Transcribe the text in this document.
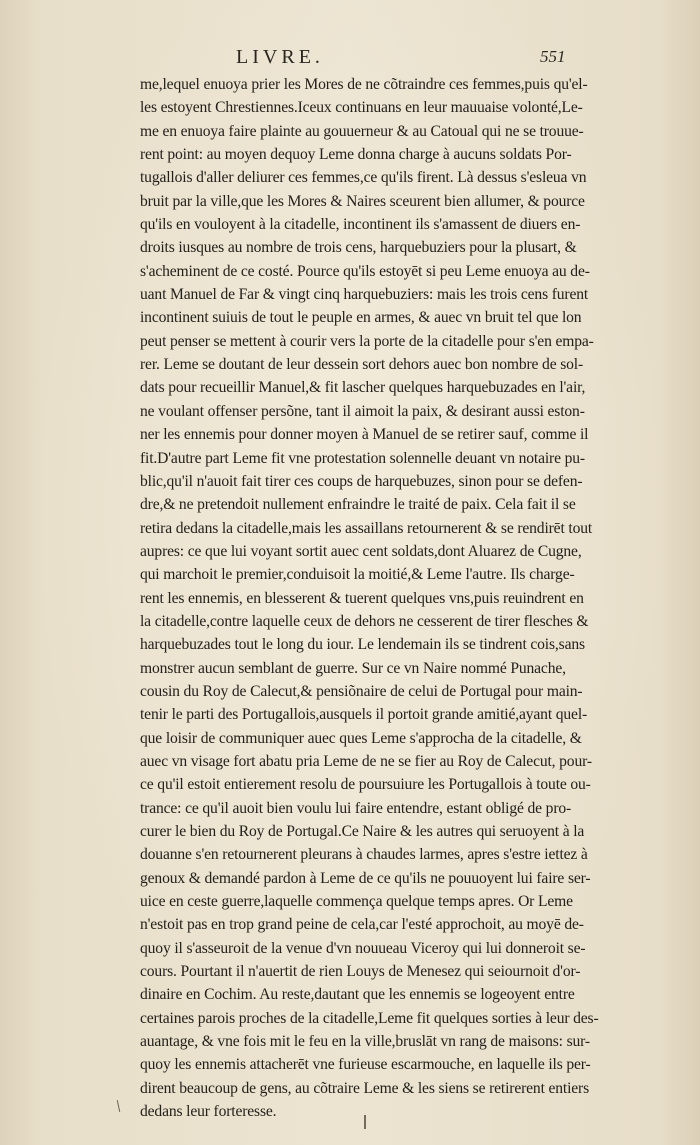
LIVRE.	551
me,lequel enuoya prier les Mores de ne cõtraindre ces femmes,puis qu'el-
les estoyent Chrestiennes.Iceux continuans en leur mauuaise volonté,Le-
me en enuoya faire plainte au gouuerneur & au Catoual qui ne se trouue-
rent point: au moyen dequoy Leme donna charge à aucuns soldats Por-
tugallois d'aller deliurer ces femmes,ce qu'ils firent. Là dessus s'esleua vn
bruit par la ville,que les Mores & Naires sceurent bien allumer, & pource
qu'ils en vouloyent à la citadelle, incontinent ils s'amassent de diuers en-
droits iusques au nombre de trois cens, harquebuziers pour la plusart, &
s'acheminent de ce costé. Pource qu'ils estoyēt si peu Leme enuoya au de-
uant Manuel de Far & vingt cinq harquebuziers: mais les trois cens furent
incontinent suiuis de tout le peuple en armes, & auec vn bruit tel que lon
peut penser se mettent à courir vers la porte de la citadelle pour s'en empa-
rer. Leme se doutant de leur dessein sort dehors auec bon nombre de sol-
dats pour recueillir Manuel,& fit lascher quelques harquebuzades en l'air,
ne voulant offenser persõne, tant il aimoit la paix, & desirant aussi eston-
ner les ennemis pour donner moyen à Manuel de se retirer sauf, comme il
fit.D'autre part Leme fit vne protestation solennelle deuant vn notaire pu-
blic,qu'il n'auoit fait tirer ces coups de harquebuzes, sinon pour se defen-
dre,& ne pretendoit nullement enfraindre le traité de paix. Cela fait il se
retira dedans la citadelle,mais les assaillans retournerent & se rendirēt tout
aupres: ce que lui voyant sortit auec cent soldats,dont Aluarez de Cugne,
qui marchoit le premier,conduisoit la moitié,& Leme l'autre. Ils charge-
rent les ennemis, en blesserent & tuerent quelques vns,puis reuindrent en
la citadelle,contre laquelle ceux de dehors ne cesserent de tirer flesches &
harquebuzades tout le long du iour. Le lendemain ils se tindrent cois,sans
monstrer aucun semblant de guerre. Sur ce vn Naire nommé Punache,
cousin du Roy de Calecut,& pensiõnaire de celui de Portugal pour main-
tenir le parti des Portugallois,ausquels il portoit grande amitié,ayant quel-
que loisir de communiquer auec ques Leme s'approcha de la citadelle, &
auec vn visage fort abatu pria Leme de ne se fier au Roy de Calecut, pour-
ce qu'il estoit entierement resolu de poursuiure les Portugallois à toute ou-
trance: ce qu'il auoit bien voulu lui faire entendre, estant obligé de pro-
curer le bien du Roy de Portugal.Ce Naire & les autres qui seruoyent à la
douanne s'en retournerent pleurans à chaudes larmes, apres s'estre iettez à
genoux & demandé pardon à Leme de ce qu'ils ne pouuoyent lui faire ser-
uice en ceste guerre,laquelle commença quelque temps apres. Or Leme
n'estoit pas en trop grand peine de cela,car l'esté approchoit, au moyē de-
quoy il s'asseuroit de la venue d'vn nouueau Viceroy qui lui donneroit se-
cours. Pourtant il n'auertit de rien Louys de Menesez qui seiournoit d'or-
dinaire en Cochim. Au reste,dautant que les ennemis se logeoyent entre
certaines parois proches de la citadelle,Leme fit quelques sorties à leur des-
auantage, & vne fois mit le feu en la ville,bruslāt vn rang de maisons: sur-
quoy les ennemis attacherēt vne furieuse escarmouche, en laquelle ils per-
dirent beaucoup de gens, au cõtraire Leme & les siens se retirerent entiers
dedans leur forteresse.
